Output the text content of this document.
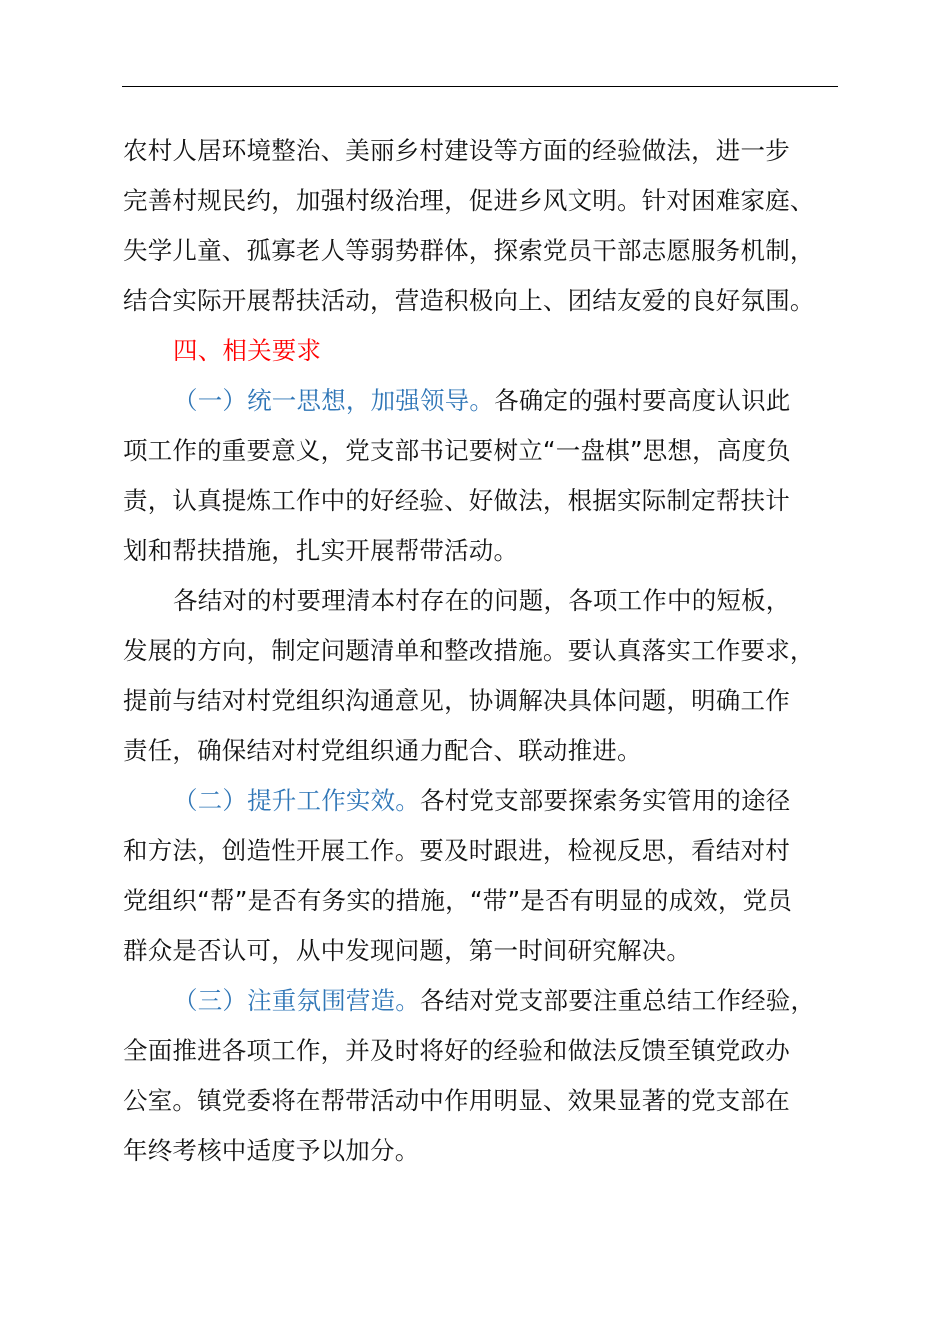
农村人居环境整治、美丽乡村建设等方面的经验做法，进一步
完善村规民约，加强村级治理，促进乡风文明。针对困难家庭、
失学儿童、孤寡老人等弱势群体，探索党员干部志愿服务机制，
结合实际开展帮扶活动，营造积极向上、团结友爱的良好氛围。
四、相关要求
（一）统一思想，加强领导。各确定的强村要高度认识此
项工作的重要意义，党支部书记要树立“一盘棋”思想，高度负
责，认真提炼工作中的好经验、好做法，根据实际制定帮扶计
划和帮扶措施，扎实开展帮带活动。
各结对的村要理清本村存在的问题，各项工作中的短板，
发展的方向，制定问题清单和整改措施。要认真落实工作要求，
提前与结对村党组织沟通意见，协调解决具体问题，明确工作
责任，确保结对村党组织通力配合、联动推进。
（二）提升工作实效。各村党支部要探索务实管用的途径
和方法，创造性开展工作。要及时跟进，检视反思，看结对村
党组织“帮”是否有务实的措施，“带”是否有明显的成效，党员
群众是否认可，从中发现问题，第一时间研究解决。
（三）注重氛围营造。各结对党支部要注重总结工作经验，
全面推进各项工作，并及时将好的经验和做法反馈至镇党政办
公室。镇党委将在帮带活动中作用明显、效果显著的党支部在
年终考核中适度予以加分。
